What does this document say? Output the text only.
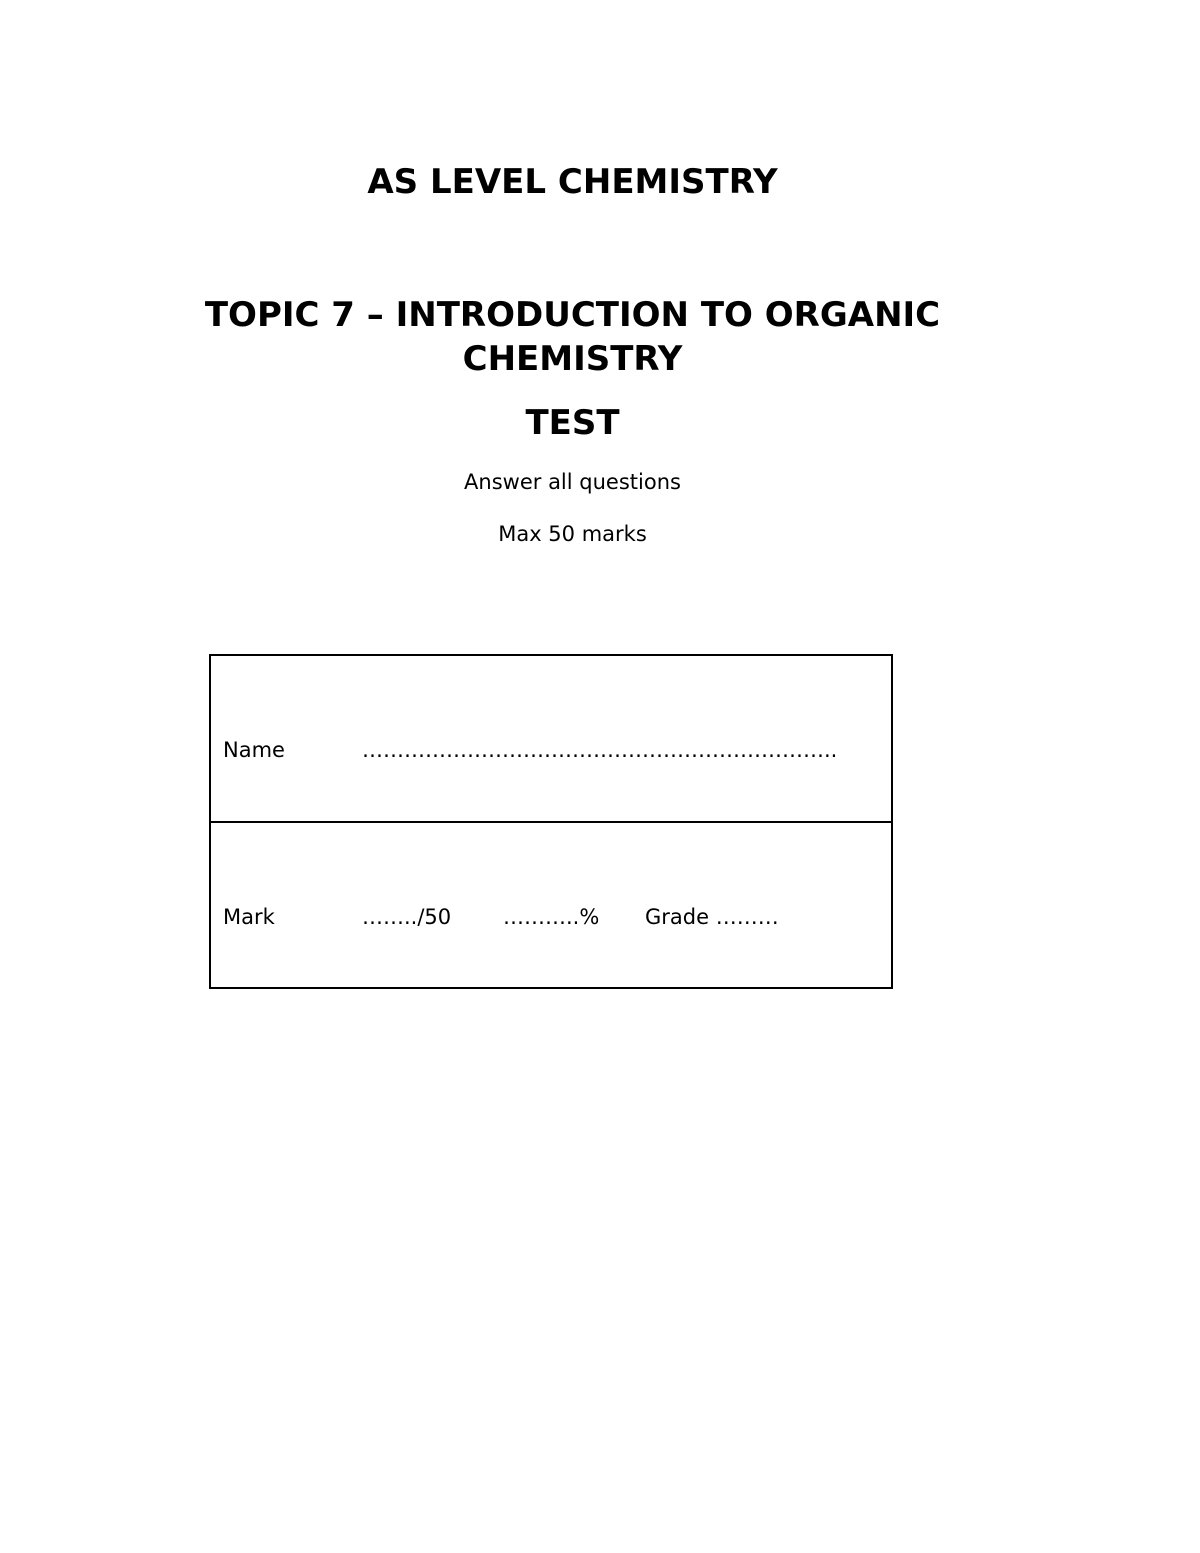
AS LEVEL CHEMISTRY
TOPIC 7 – INTRODUCTION TO ORGANIC
CHEMISTRY
TEST

Answer all questions

Max 50 marks

Name	…………………………………………………………..
Mark	……../50 ………..% Grade ………
